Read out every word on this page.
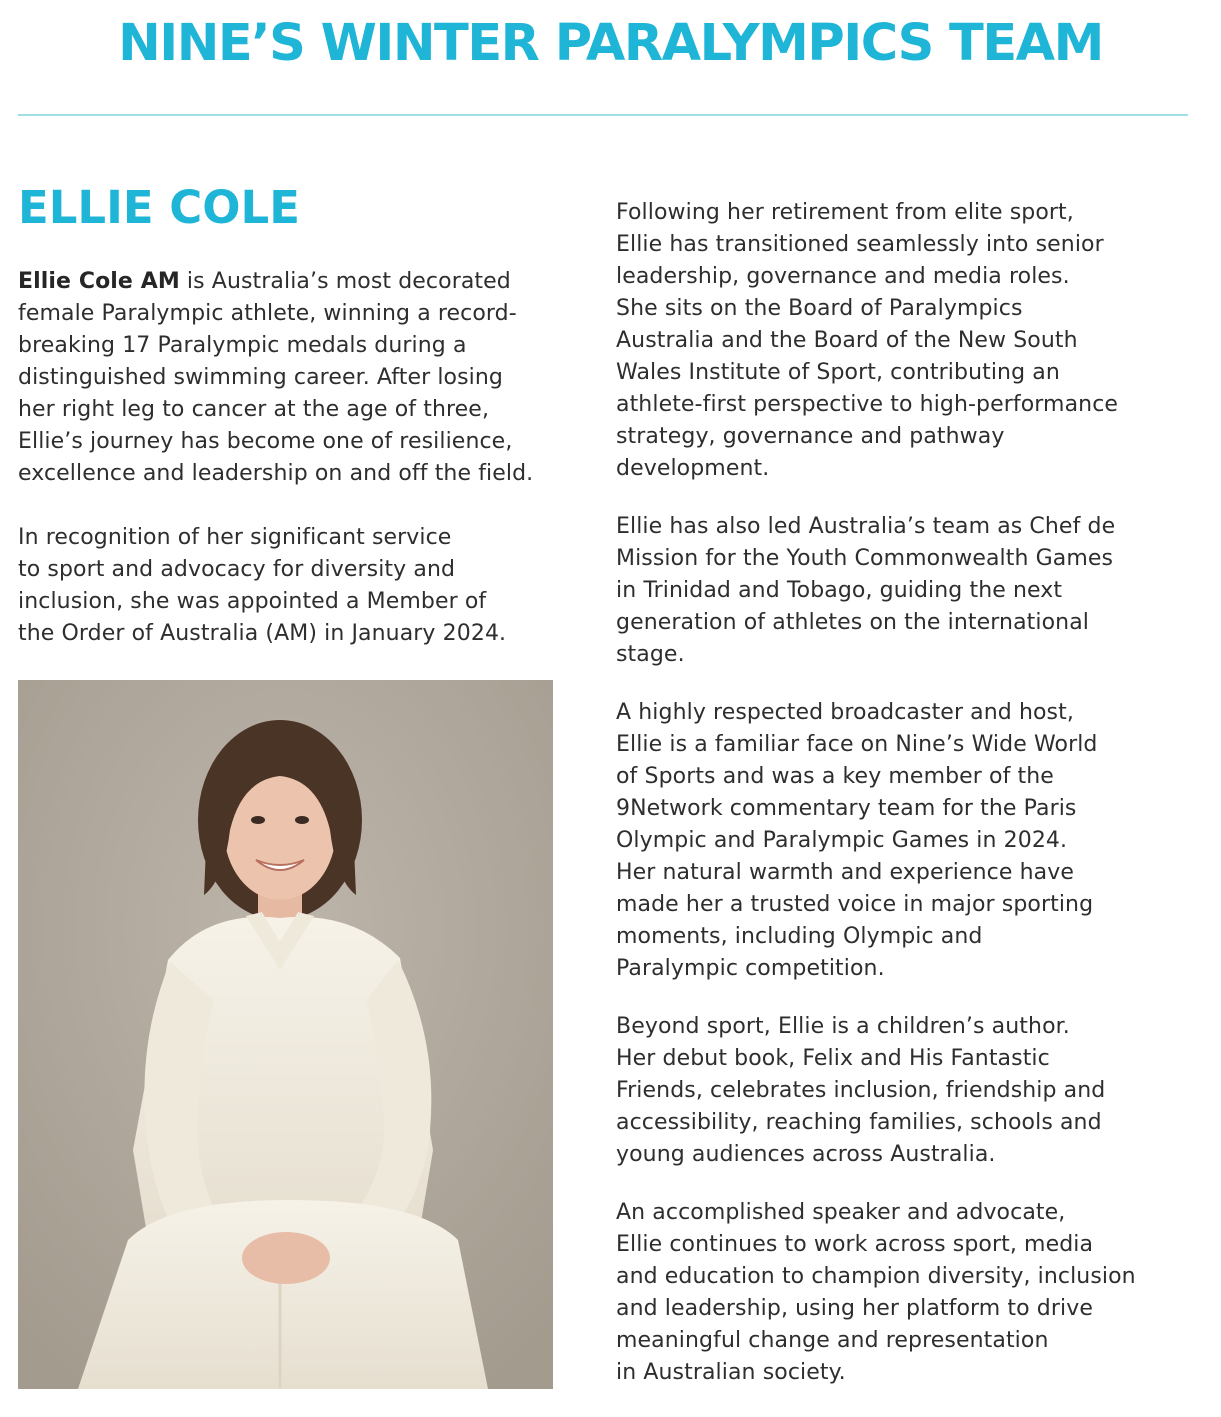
NINE’S WINTER PARALYMPICS TEAM
ELLIE COLE

Ellie Cole AM is Australia’s most decorated
female Paralympic athlete, winning a record-
breaking 17 Paralympic medals during a
distinguished swimming career. After losing
her right leg to cancer at the age of three,
Ellie’s journey has become one of resilience,
excellence and leadership on and off the field.

In recognition of her significant service
to sport and advocacy for diversity and
inclusion, she was appointed a Member of
the Order of Australia (AM) in January 2024.

Following her retirement from elite sport,
Ellie has transitioned seamlessly into senior
leadership, governance and media roles.
She sits on the Board of Paralympics
Australia and the Board of the New South
Wales Institute of Sport, contributing an
athlete-first perspective to high-performance
strategy, governance and pathway
development.

Ellie has also led Australia’s team as Chef de
Mission for the Youth Commonwealth Games
in Trinidad and Tobago, guiding the next
generation of athletes on the international
stage.

A highly respected broadcaster and host,
Ellie is a familiar face on Nine’s Wide World
of Sports and was a key member of the
9Network commentary team for the Paris
Olympic and Paralympic Games in 2024.
Her natural warmth and experience have
made her a trusted voice in major sporting
moments, including Olympic and
Paralympic competition.

Beyond sport, Ellie is a children’s author.
Her debut book, Felix and His Fantastic
Friends, celebrates inclusion, friendship and
accessibility, reaching families, schools and
young audiences across Australia.

An accomplished speaker and advocate,
Ellie continues to work across sport, media
and education to champion diversity, inclusion
and leadership, using her platform to drive
meaningful change and representation
in Australian society.
